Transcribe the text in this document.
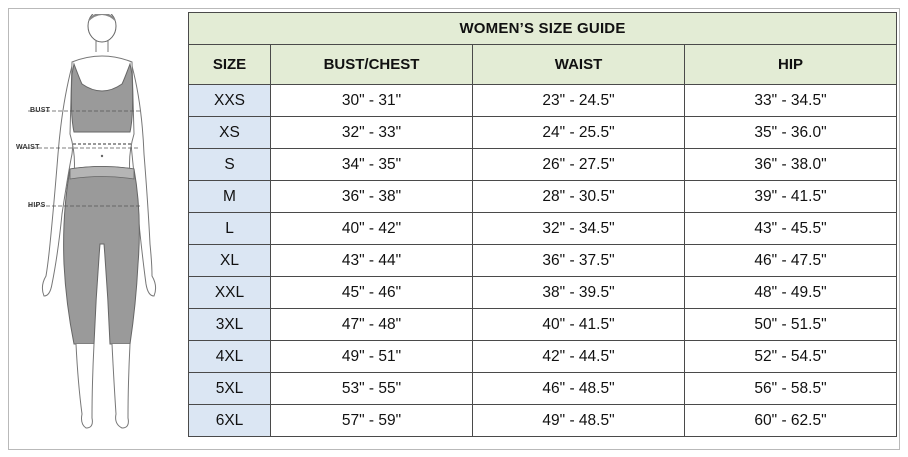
BUST
WAIST
HIPS
WOMEN’S SIZE GUIDE			
SIZE	BUST/CHEST	WAIST	HIP
XXS	30" - 31"	23" - 24.5"	33" - 34.5"
XS	32" - 33"	24" - 25.5"	35" - 36.0"
S	34" - 35"	26" - 27.5"	36" - 38.0"
M	36" - 38"	28" - 30.5"	39" - 41.5"
L	40" - 42"	32" - 34.5"	43" - 45.5"
XL	43" - 44"	36" - 37.5"	46" - 47.5"
XXL	45" - 46"	38" - 39.5"	48" - 49.5"
3XL	47" - 48"	40" - 41.5"	50" - 51.5"
4XL	49" - 51"	42" - 44.5"	52" - 54.5"
5XL	53" - 55"	46" - 48.5"	56" - 58.5"
6XL	57" - 59"	49" - 48.5"	60" - 62.5"
